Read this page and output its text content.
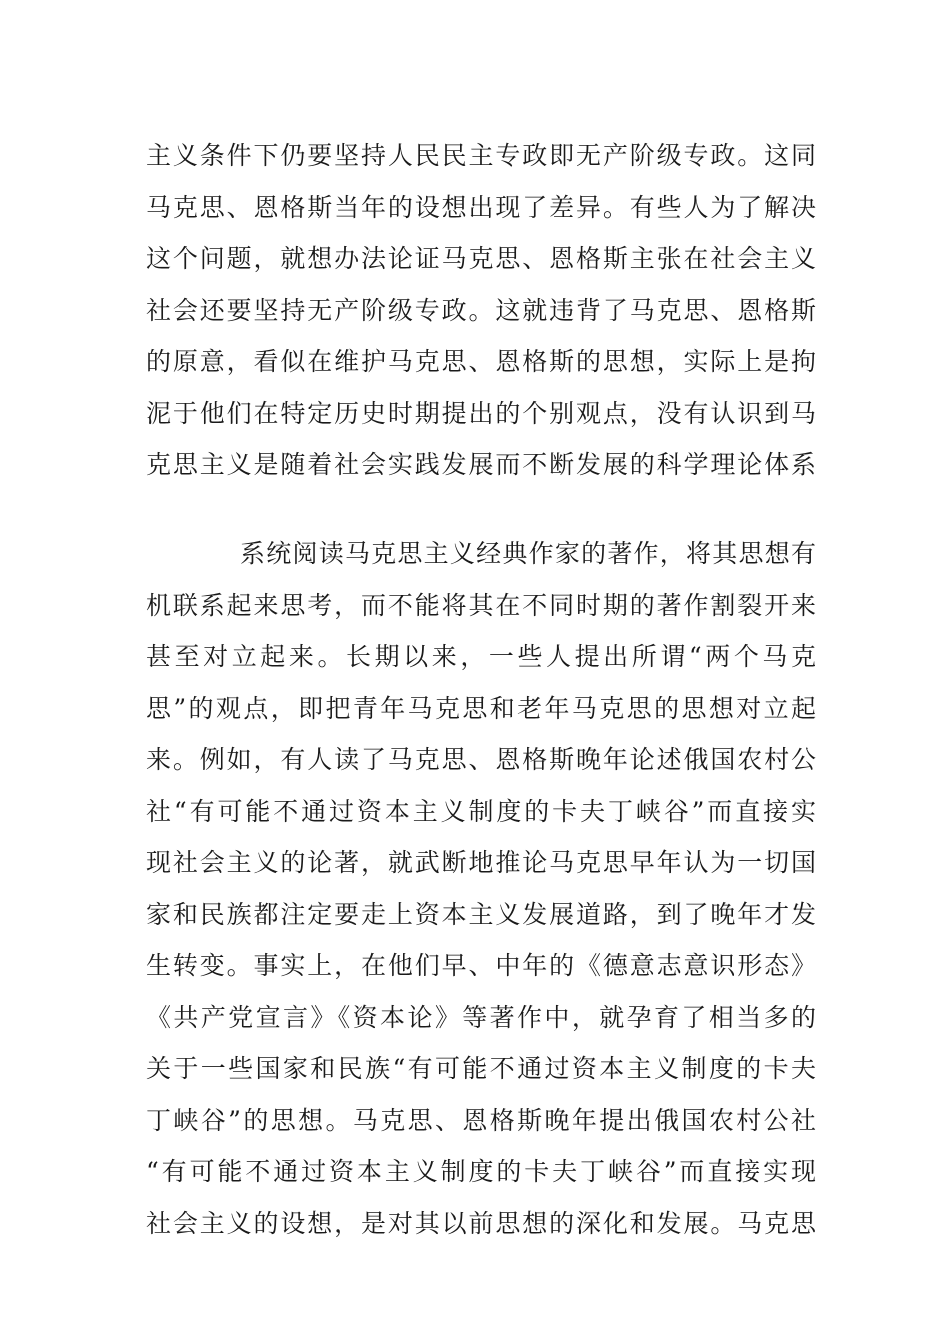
主义条件下仍要坚持人民民主专政即无产阶级专政。这同
马克思、恩格斯当年的设想出现了差异。有些人为了解决
这个问题，就想办法论证马克思、恩格斯主张在社会主义
社会还要坚持无产阶级专政。这就违背了马克思、恩格斯
的原意，看似在维护马克思、恩格斯的思想，实际上是拘
泥于他们在特定历史时期提出的个别观点，没有认识到马
克思主义是随着社会实践发展而不断发展的科学理论体系
系统阅读马克思主义经典作家的著作，将其思想有
机联系起来思考，而不能将其在不同时期的著作割裂开来
甚至对立起来。长期以来，一些人提出所谓“两个马克
思”的观点，即把青年马克思和老年马克思的思想对立起
来。例如，有人读了马克思、恩格斯晚年论述俄国农村公
社“有可能不通过资本主义制度的卡夫丁峡谷”而直接实
现社会主义的论著，就武断地推论马克思早年认为一切国
家和民族都注定要走上资本主义发展道路，到了晚年才发
生转变。事实上，在他们早、中年的《德意志意识形态》
《共产党宣言》《资本论》等著作中，就孕育了相当多的
关于一些国家和民族“有可能不通过资本主义制度的卡夫
丁峡谷”的思想。马克思、恩格斯晚年提出俄国农村公社
“有可能不通过资本主义制度的卡夫丁峡谷”而直接实现
社会主义的设想，是对其以前思想的深化和发展。马克思
